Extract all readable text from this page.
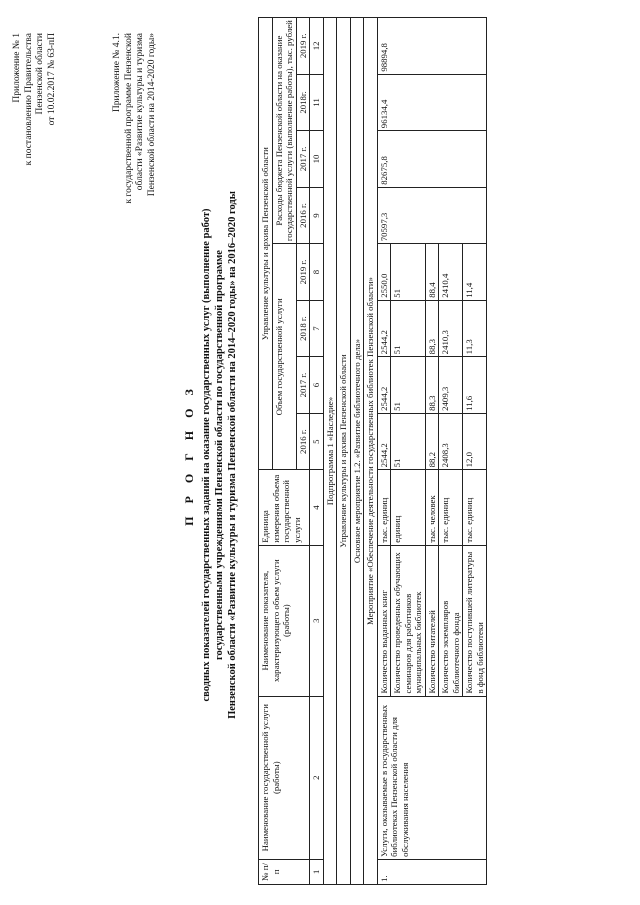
Приложение № 1 к постановлению Правительства Пензенской области от 10.02.2017 № 63-пП	Приложение № 4.1. к государственной программе Пензенской области «Развитие культуры и туризма Пензенской области на 2014-2020 годы»
П Р О Г Н О З сводных показателей государственных заданий на оказание государственных услуг (выполнение работ) государственными учреждениями Пензенской области по государственной программе Пензенской области «Развитие культуры и туризма Пензенской области на 2014–2020 годы» на 2016–2020 годы
№ п/п	Наименование государственной услуги (работы)	Наименование показателя, характеризующего объем услуги (работы)	Единица измерения объема государственной услуги	Управление культуры и архива Пензенской области							
				Объем государственной услуги				Расходы бюджета Пензенской области на оказание государственной услуги (выполнение работы), тыс. рублей			
				2016 г.	2017 г.	2018 г.	2019 г.	2016 г.	2017 г.	2018г.	2019 г.
1	2	3	4	5	6	7	8	9	10	11	12
Подпрограмма 1 «Наследие»											
Управление культуры и архива Пензенской области											
Основное мероприятие 1.2. «Развитие библиотечного дела»											
Мероприятие «Обеспечение деятельности государственных библиотек Пензенской области»											
1.	Услуги, оказываемые в государственных библиотеках Пензенской области для обслуживания населения	Количество выданных книг	тыс. единиц	2544,2	2544,2	2544,2	2550,0	70597,3	82675,8	96134,4	98894,8
		Количество проведенных обучающих семинаров для работников муниципальных библиотек	единиц	51	51	51	51				
		Количество читателей	тыс. человек	88,2	88,3	88,3	88,4				
		Количество экземпляров библиотечного фонда	тыс. единиц	2408,3	2409,3	2410,3	2410,4				
		Количество поступившей литературы в фонд библиотеки	тыс. единиц	12,0	11,6	11,3	11,4				
